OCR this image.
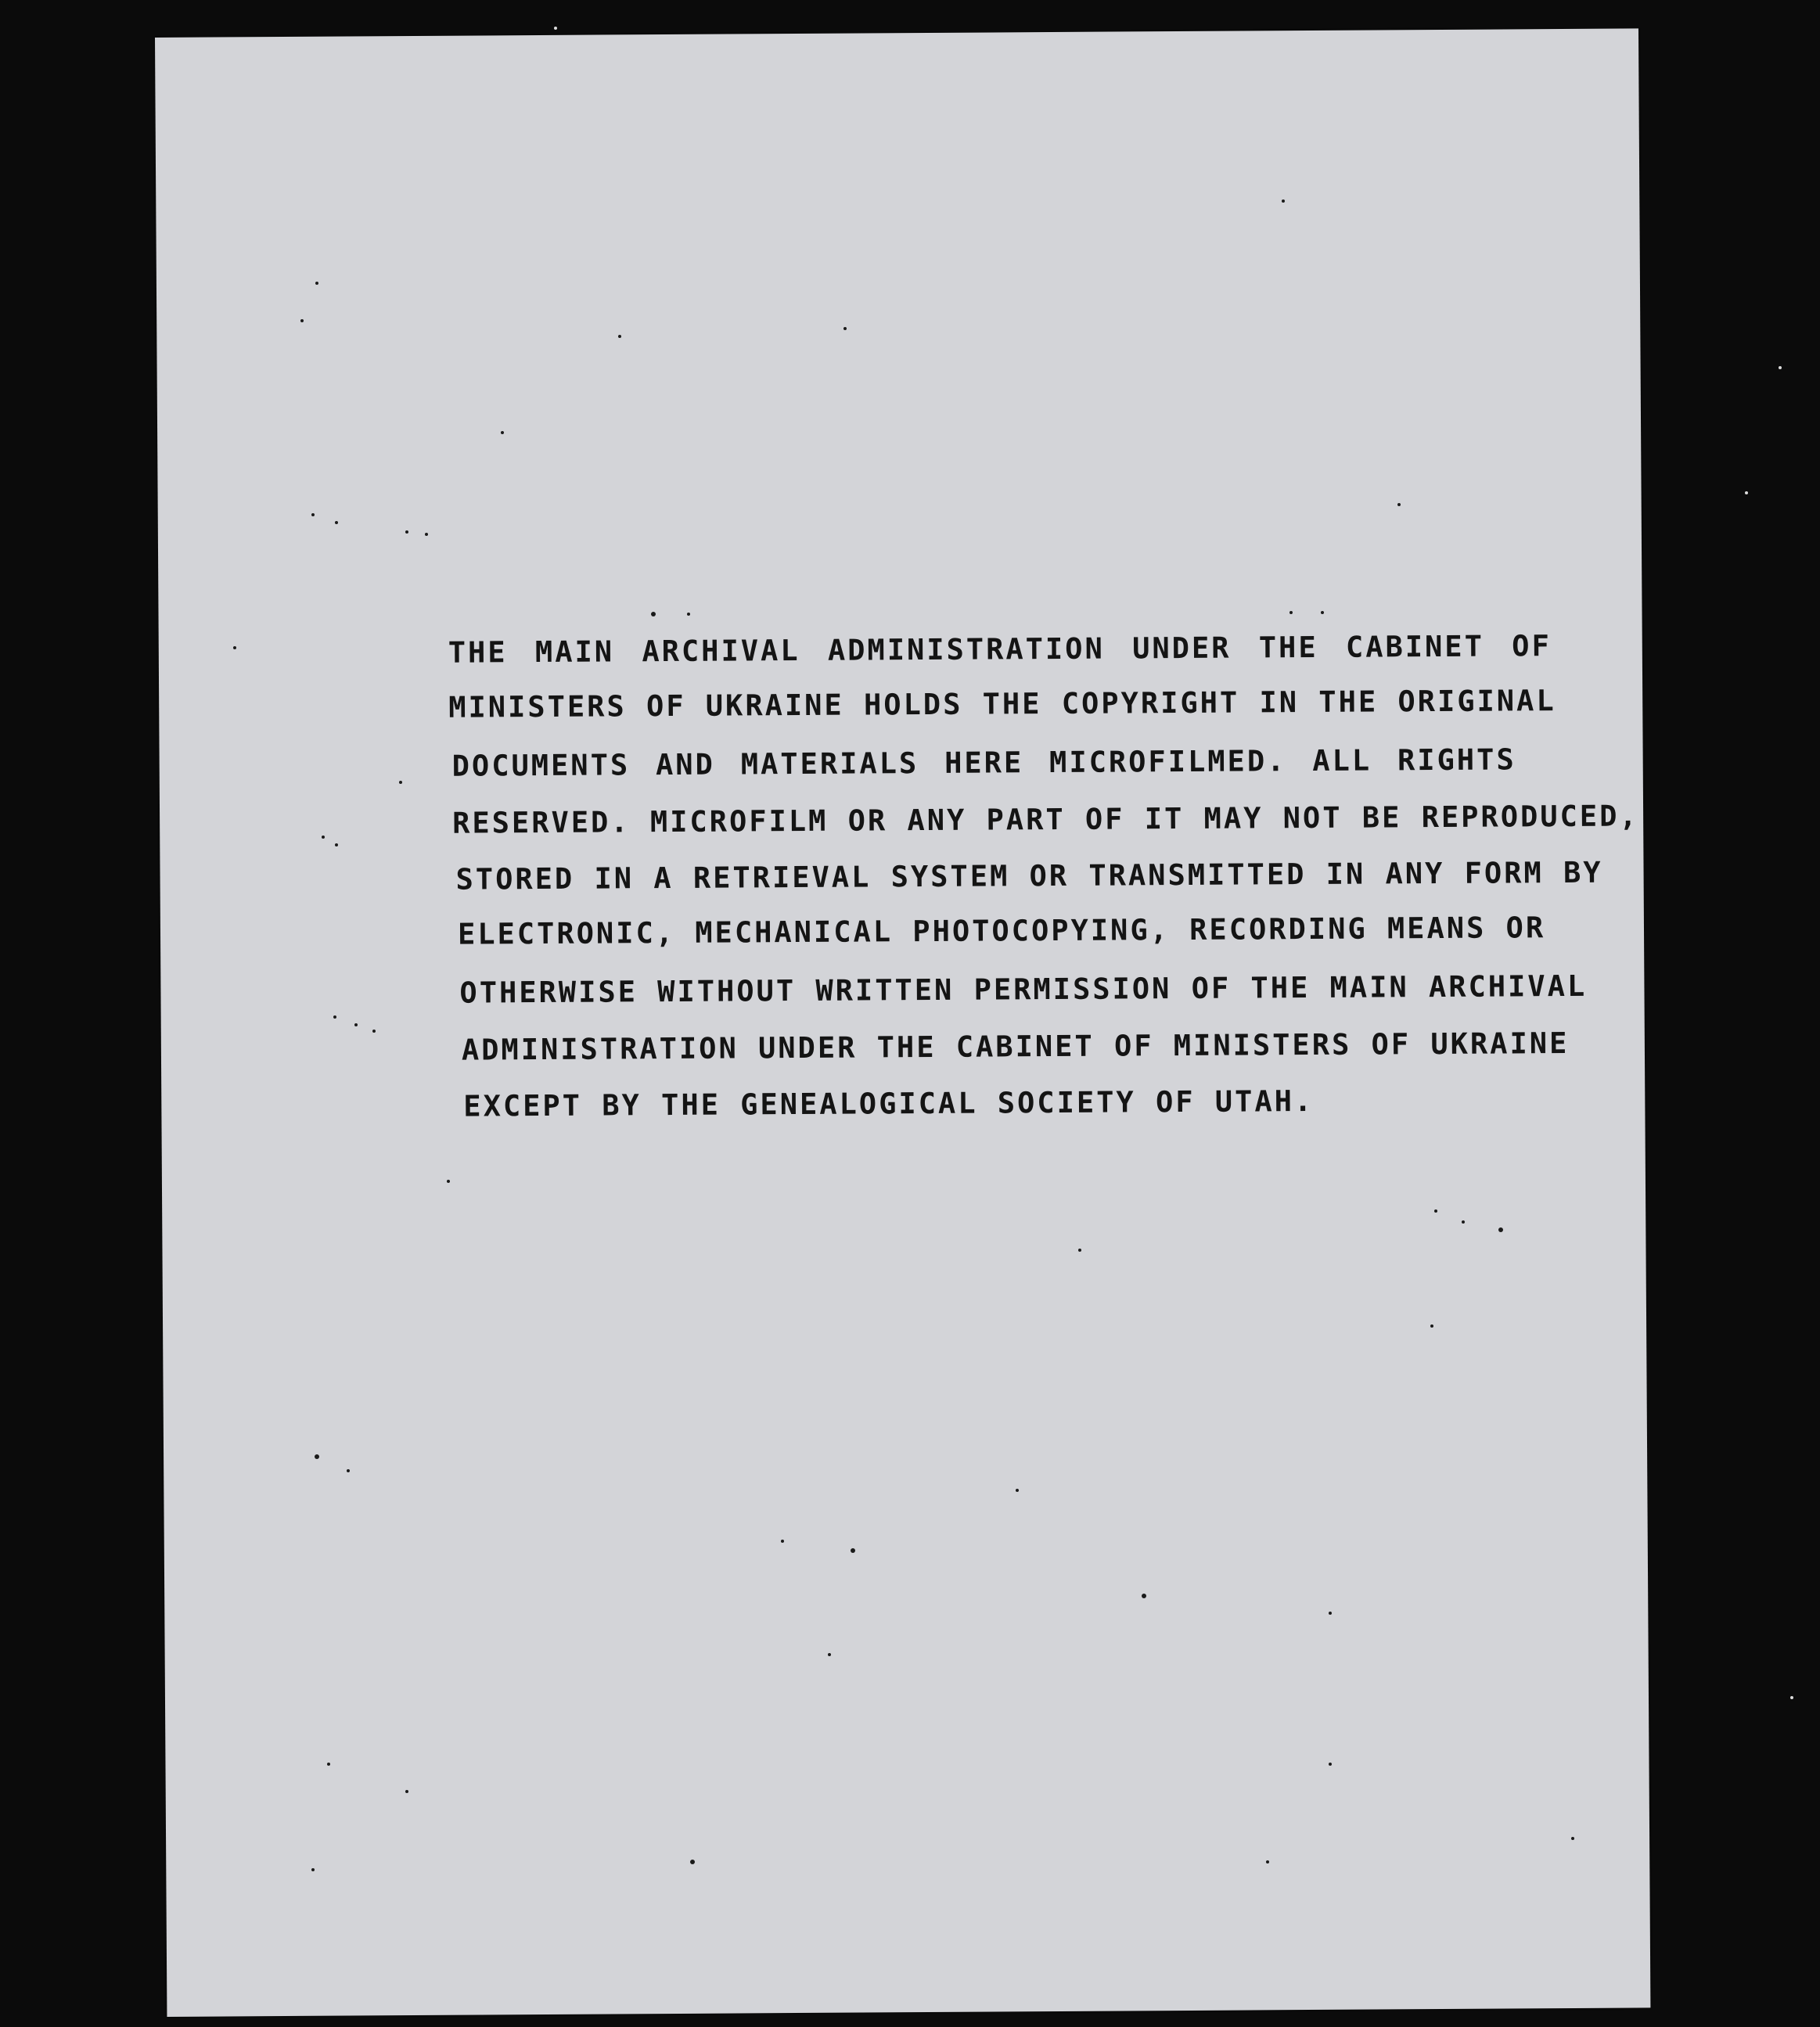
THE MAIN ARCHIVAL ADMINISTRATION UNDER THE CABINET OF
MINISTERS OF UKRAINE HOLDS THE COPYRIGHT IN THE ORIGINAL
DOCUMENTS AND MATERIALS HERE MICROFILMED. ALL RIGHTS
RESERVED. MICROFILM OR ANY PART OF IT MAY NOT BE REPRODUCED,
STORED IN A RETRIEVAL SYSTEM OR TRANSMITTED IN ANY FORM BY
ELECTRONIC, MECHANICAL PHOTOCOPYING, RECORDING MEANS OR
OTHERWISE WITHOUT WRITTEN PERMISSION OF THE MAIN ARCHIVAL
ADMINISTRATION UNDER THE CABINET OF MINISTERS OF UKRAINE
EXCEPT BY THE GENEALOGICAL SOCIETY OF UTAH.
